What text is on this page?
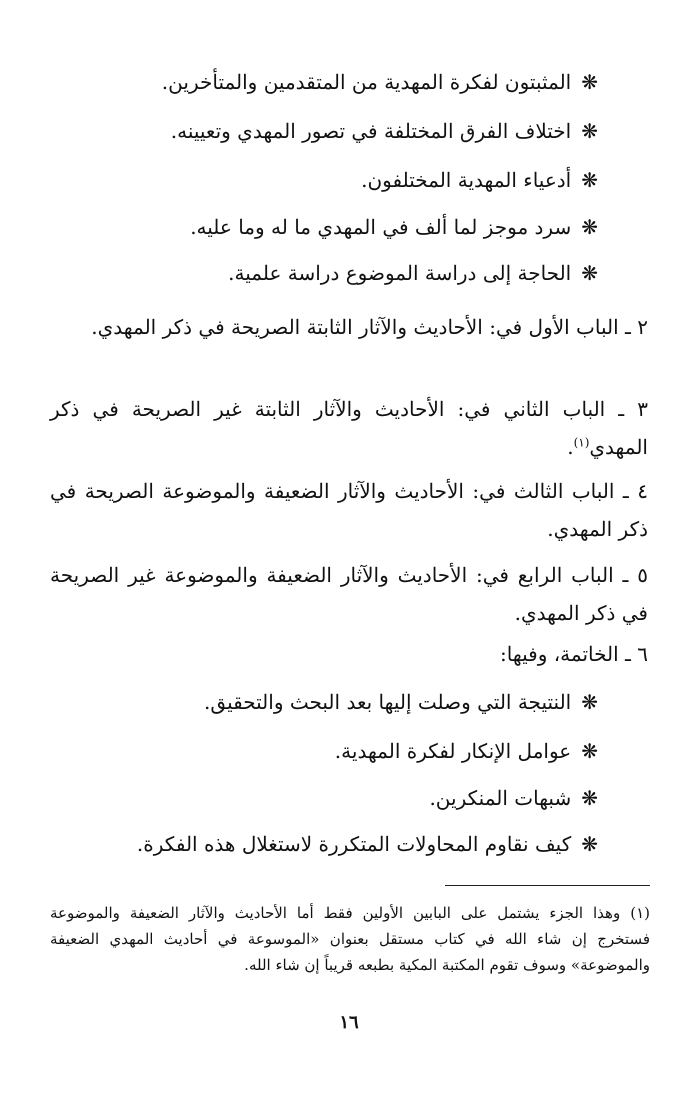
❋المثبتون لفكرة المهدية من المتقدمين والمتأخرين.
❋اختلاف الفرق المختلفة في تصور المهدي وتعيينه.
❋أدعياء المهدية المختلفون.
❋سرد موجز لما ألف في المهدي ما له وما عليه.
❋الحاجة إلى دراسة الموضوع دراسة علمية.
٢ ـ الباب الأول في: الأحاديث والآثار الثابتة الصريحة في ذكر المهدي.
٣ ـ الباب الثاني في: الأحاديث والآثار الثابتة غير الصريحة في ذكر المهدي$^{(١)}$.
٤ ـ الباب الثالث في: الأحاديث والآثار الضعيفة والموضوعة الصريحة في ذكر المهدي.
٥ ـ الباب الرابع في: الأحاديث والآثار الضعيفة والموضوعة غير الصريحة في ذكر المهدي.
٦ ـ الخاتمة، وفيها:
❋النتيجة التي وصلت إليها بعد البحث والتحقيق.
❋عوامل الإنكار لفكرة المهدية.
❋شبهات المنكرين.
❋كيف نقاوم المحاولات المتكررة لاستغلال هذه الفكرة.
(١)وهذا الجزء يشتمل على البابين الأولين فقط أما الأحاديث والآثار الضعيفة والموضوعة فستخرج إن شاء الله في كتاب مستقل بعنوان «الموسوعة في أحاديث المهدي الضعيفة والموضوعة» وسوف تقوم المكتبة المكية بطبعه قريباً إن شاء الله.
١٦
